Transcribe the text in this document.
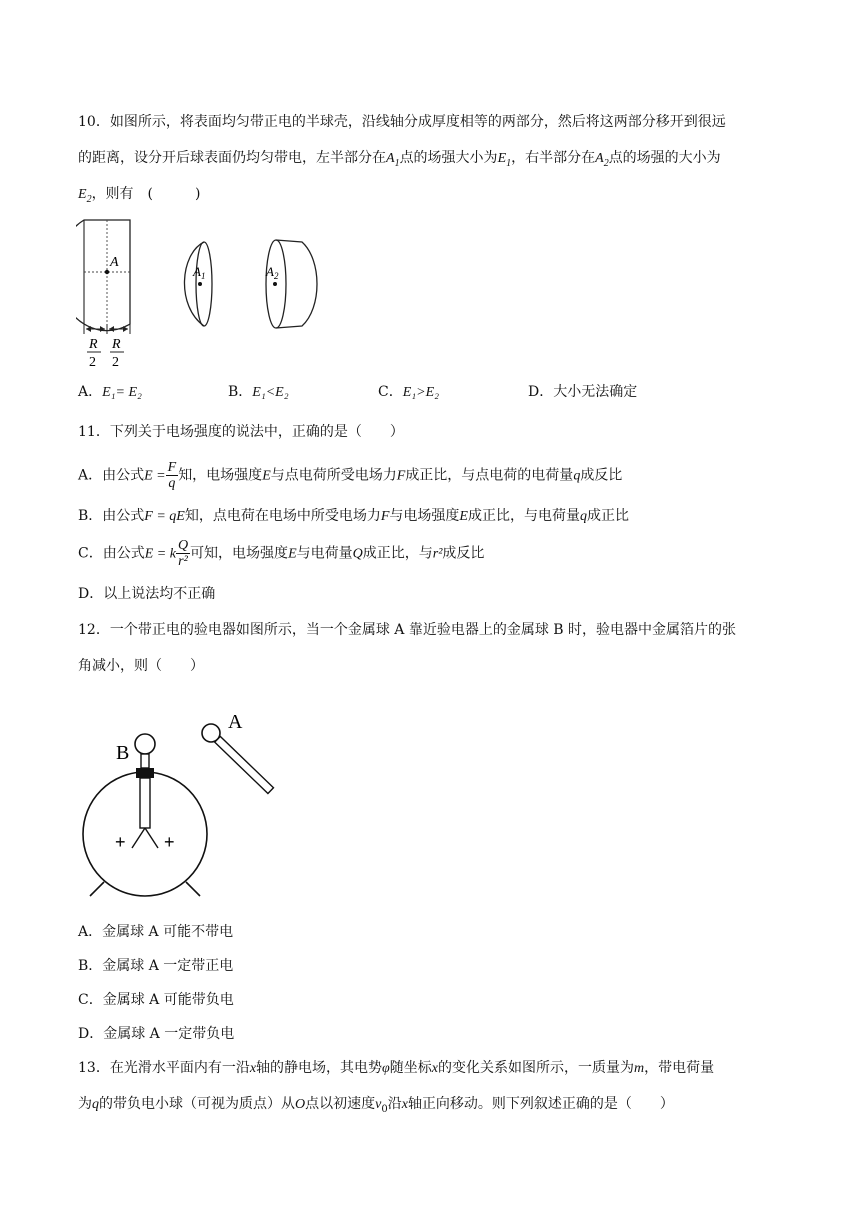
10．如图所示，将表面均匀带正电的半球壳，沿线轴分成厚度相等的两部分，然后将这两部分移开到很远
的距离，设分开后球表面仍均匀带电，左半部分在$A_1$点的场强大小为$E_1$，右半部分在$A_2$点的场强的大小为
$E_2$，则有　(　　　)
A
R
2
R
2
$A_1$	$A_2$
A．E₁= E₂	B．E₁<E₂	C．E₁>E₂	D．大小无法确定
11．下列关于电场强度的说法中，正确的是（　　）
A．由公式$E = \frac{F}{q}$ 知，电场强度E与点电荷所受电场力F成正比，与点电荷的电荷量q成反比
B．由公式F = qE知，点电荷在电场中所受电场力F与电场强度E成正比，与电荷量q成正比
C．由公式E = k $\frac{Q}{\text{r²}}$ 可知，电场强度E与电荷量Q成正比，与r²成反比
D．以上说法均不正确
12．一个带正电的验电器如图所示，当一个金属球 A 靠近验电器上的金属球 B 时，验电器中金属箔片的张
角减小，则（　　）
+ +
B
A
A．金属球 A 可能不带电
B．金属球 A 一定带正电
C．金属球 A 可能带负电
D．金属球 A 一定带负电
13．在光滑水平面内有一沿x轴的静电场，其电势φ随坐标x的变化关系如图所示，一质量为m，带电荷量
为q的带负电小球（可视为质点）从O点以初速度$v_0$沿x轴正向移动。则下列叙述正确的是（　　）
